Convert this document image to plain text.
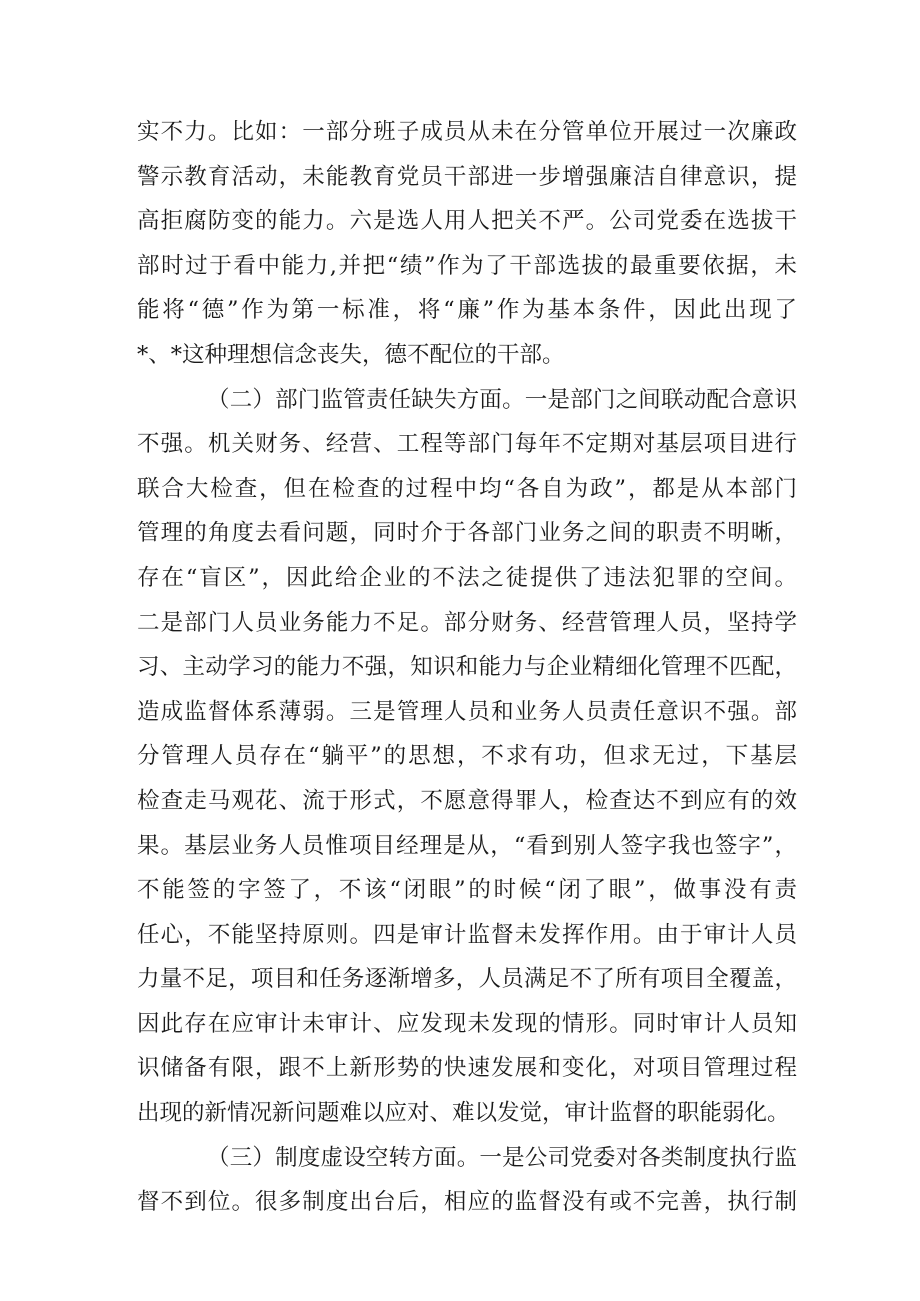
实不力。比如：一部分班子成员从未在分管单位开展过一次廉政
警示教育活动，未能教育党员干部进一步增强廉洁自律意识，提
高拒腐防变的能力。六是选人用人把关不严。公司党委在选拔干
部时过于看中能力,并把“绩”作为了干部选拔的最重要依据，未
能将“德”作为第一标准，将“廉”作为基本条件，因此出现了
*、*这种理想信念丧失，德不配位的干部。
（二）部门监管责任缺失方面。一是部门之间联动配合意识
不强。机关财务、经营、工程等部门每年不定期对基层项目进行
联合大检查，但在检查的过程中均“各自为政”，都是从本部门
管理的角度去看问题，同时介于各部门业务之间的职责不明晰，
存在“盲区”，因此给企业的不法之徒提供了违法犯罪的空间。
二是部门人员业务能力不足。部分财务、经营管理人员，坚持学
习、主动学习的能力不强，知识和能力与企业精细化管理不匹配，
造成监督体系薄弱。三是管理人员和业务人员责任意识不强。部
分管理人员存在“躺平”的思想，不求有功，但求无过，下基层
检查走马观花、流于形式，不愿意得罪人，检查达不到应有的效
果。基层业务人员惟项目经理是从，“看到别人签字我也签字”，
不能签的字签了，不该“闭眼”的时候“闭了眼”，做事没有责
任心，不能坚持原则。四是审计监督未发挥作用。由于审计人员
力量不足，项目和任务逐渐增多，人员满足不了所有项目全覆盖，
因此存在应审计未审计、应发现未发现的情形。同时审计人员知
识储备有限，跟不上新形势的快速发展和变化，对项目管理过程
出现的新情况新问题难以应对、难以发觉，审计监督的职能弱化。
（三）制度虚设空转方面。一是公司党委对各类制度执行监
督不到位。很多制度出台后，相应的监督没有或不完善，执行制
